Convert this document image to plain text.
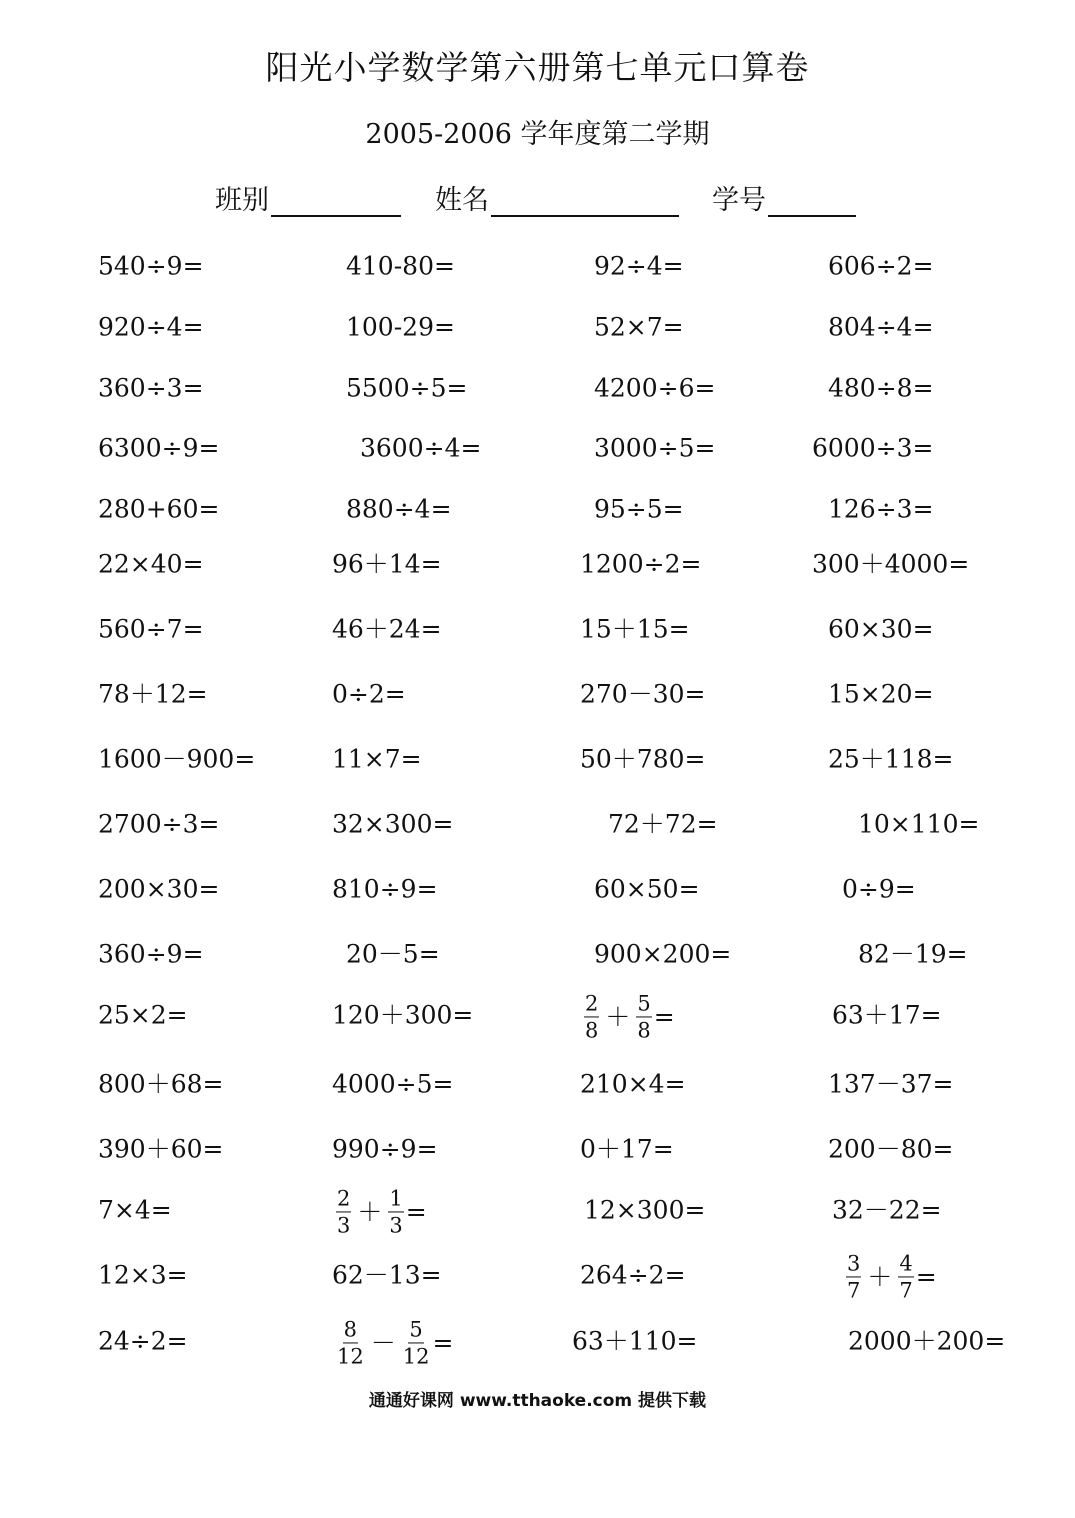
阳光小学数学第六册第七单元口算卷
2005-2006 学年度第二学期
班别	姓名	学号
540÷9=	410-80=	92÷4=	606÷2=
920÷4=	100-29=	52×7=	804÷4=
360÷3=	5500÷5=	4200÷6=	480÷8=
6300÷9=	3600÷4=	3000÷5=	6000÷3=
280+60=	880÷4=	95÷5=	126÷3=
22×40=	96＋14=	1200÷2=	300＋4000=
560÷7=	46＋24=	15＋15=	60×30=
78＋12=	0÷2=	270－30=	15×20=
1600－900=	11×7=	50＋780=	25＋118=
2700÷3=	32×300=	72＋72=	10×110=
200×30=	810÷9=	60×50=	0÷9=
360÷9=	20－5=	900×200=	82－19=
25×2=	120＋300=	$\frac{2}{8} + \frac{5}{8}$ =	63＋17=
800＋68=	4000÷5=	210×4=	137－37=
390＋60=	990÷9=	0＋17=	200－80=
7×4=	$\frac{2}{3} + \frac{1}{3}$ =	12×300=	32－22=
12×3=	62－13=	264÷2=	$\frac{3}{7} + \frac{4}{7}$ =
24÷2=	$\frac{8}{12} - \frac{5}{12}$ =	63＋110=	2000＋200=
通通好课网 www.tthaoke.com 提供下载
